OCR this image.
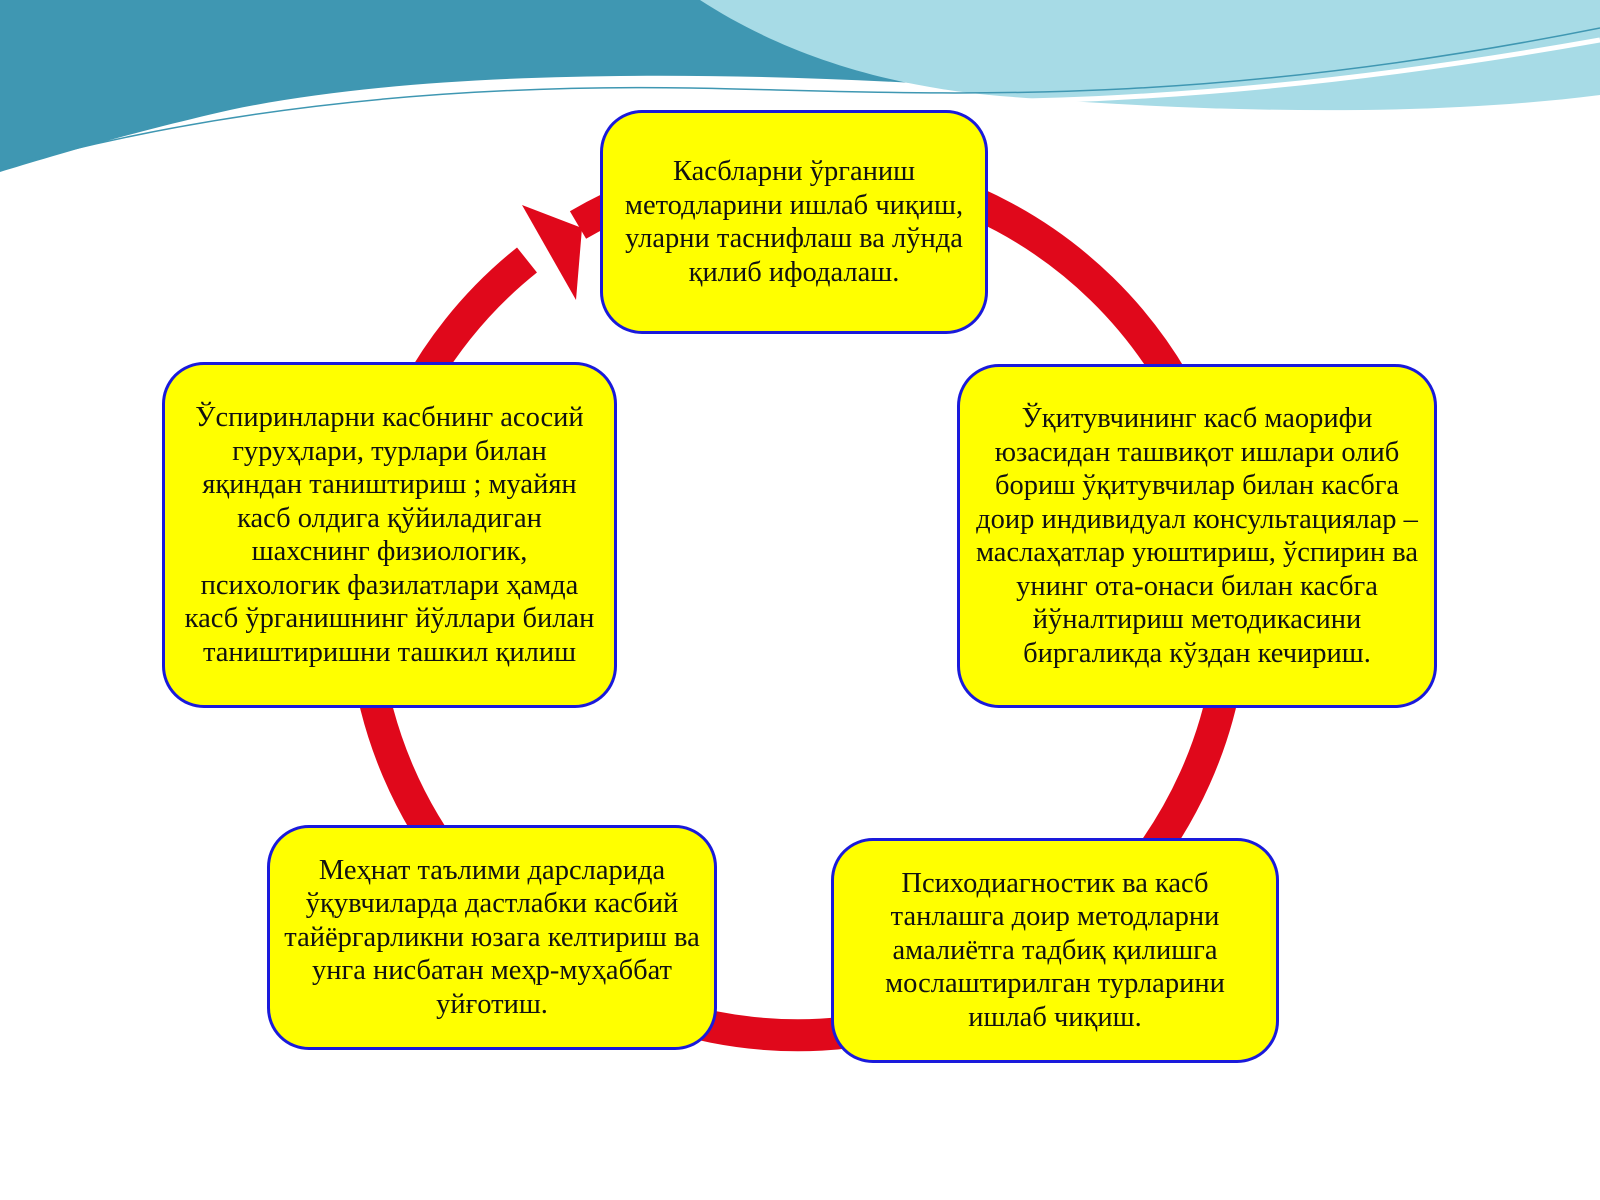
Касбларни ўрганиш методларини ишлаб чиқиш, уларни таснифлаш ва лўнда қилиб ифодалаш.
Ўқитувчининг касб маорифи юзасидан ташвиқот ишлари олиб бориш ўқитувчилар билан касбга доир индивидуал консультациялар – маслаҳатлар уюштириш, ўспирин ва унинг ота-онаси билан касбга йўналтириш методикасини биргаликда кўздан кечириш.
Психодиагностик ва касб танлашга доир методларни амалиётга тадбиқ қилишга мослаштирилган турларини ишлаб чиқиш.
Меҳнат таълими дарсларида ўқувчиларда дастлабки касбий тайёргарликни юзага келтириш ва унга нисбатан меҳр-муҳаббат уйғотиш.
Ўспиринларни касбнинг асосий гуруҳлари, турлари билан яқиндан таништириш ; муайян касб олдига қўйиладиган шахснинг физиологик, психологик фазилатлари ҳамда касб ўрганишнинг йўллари билан таништиришни ташкил қилиш
